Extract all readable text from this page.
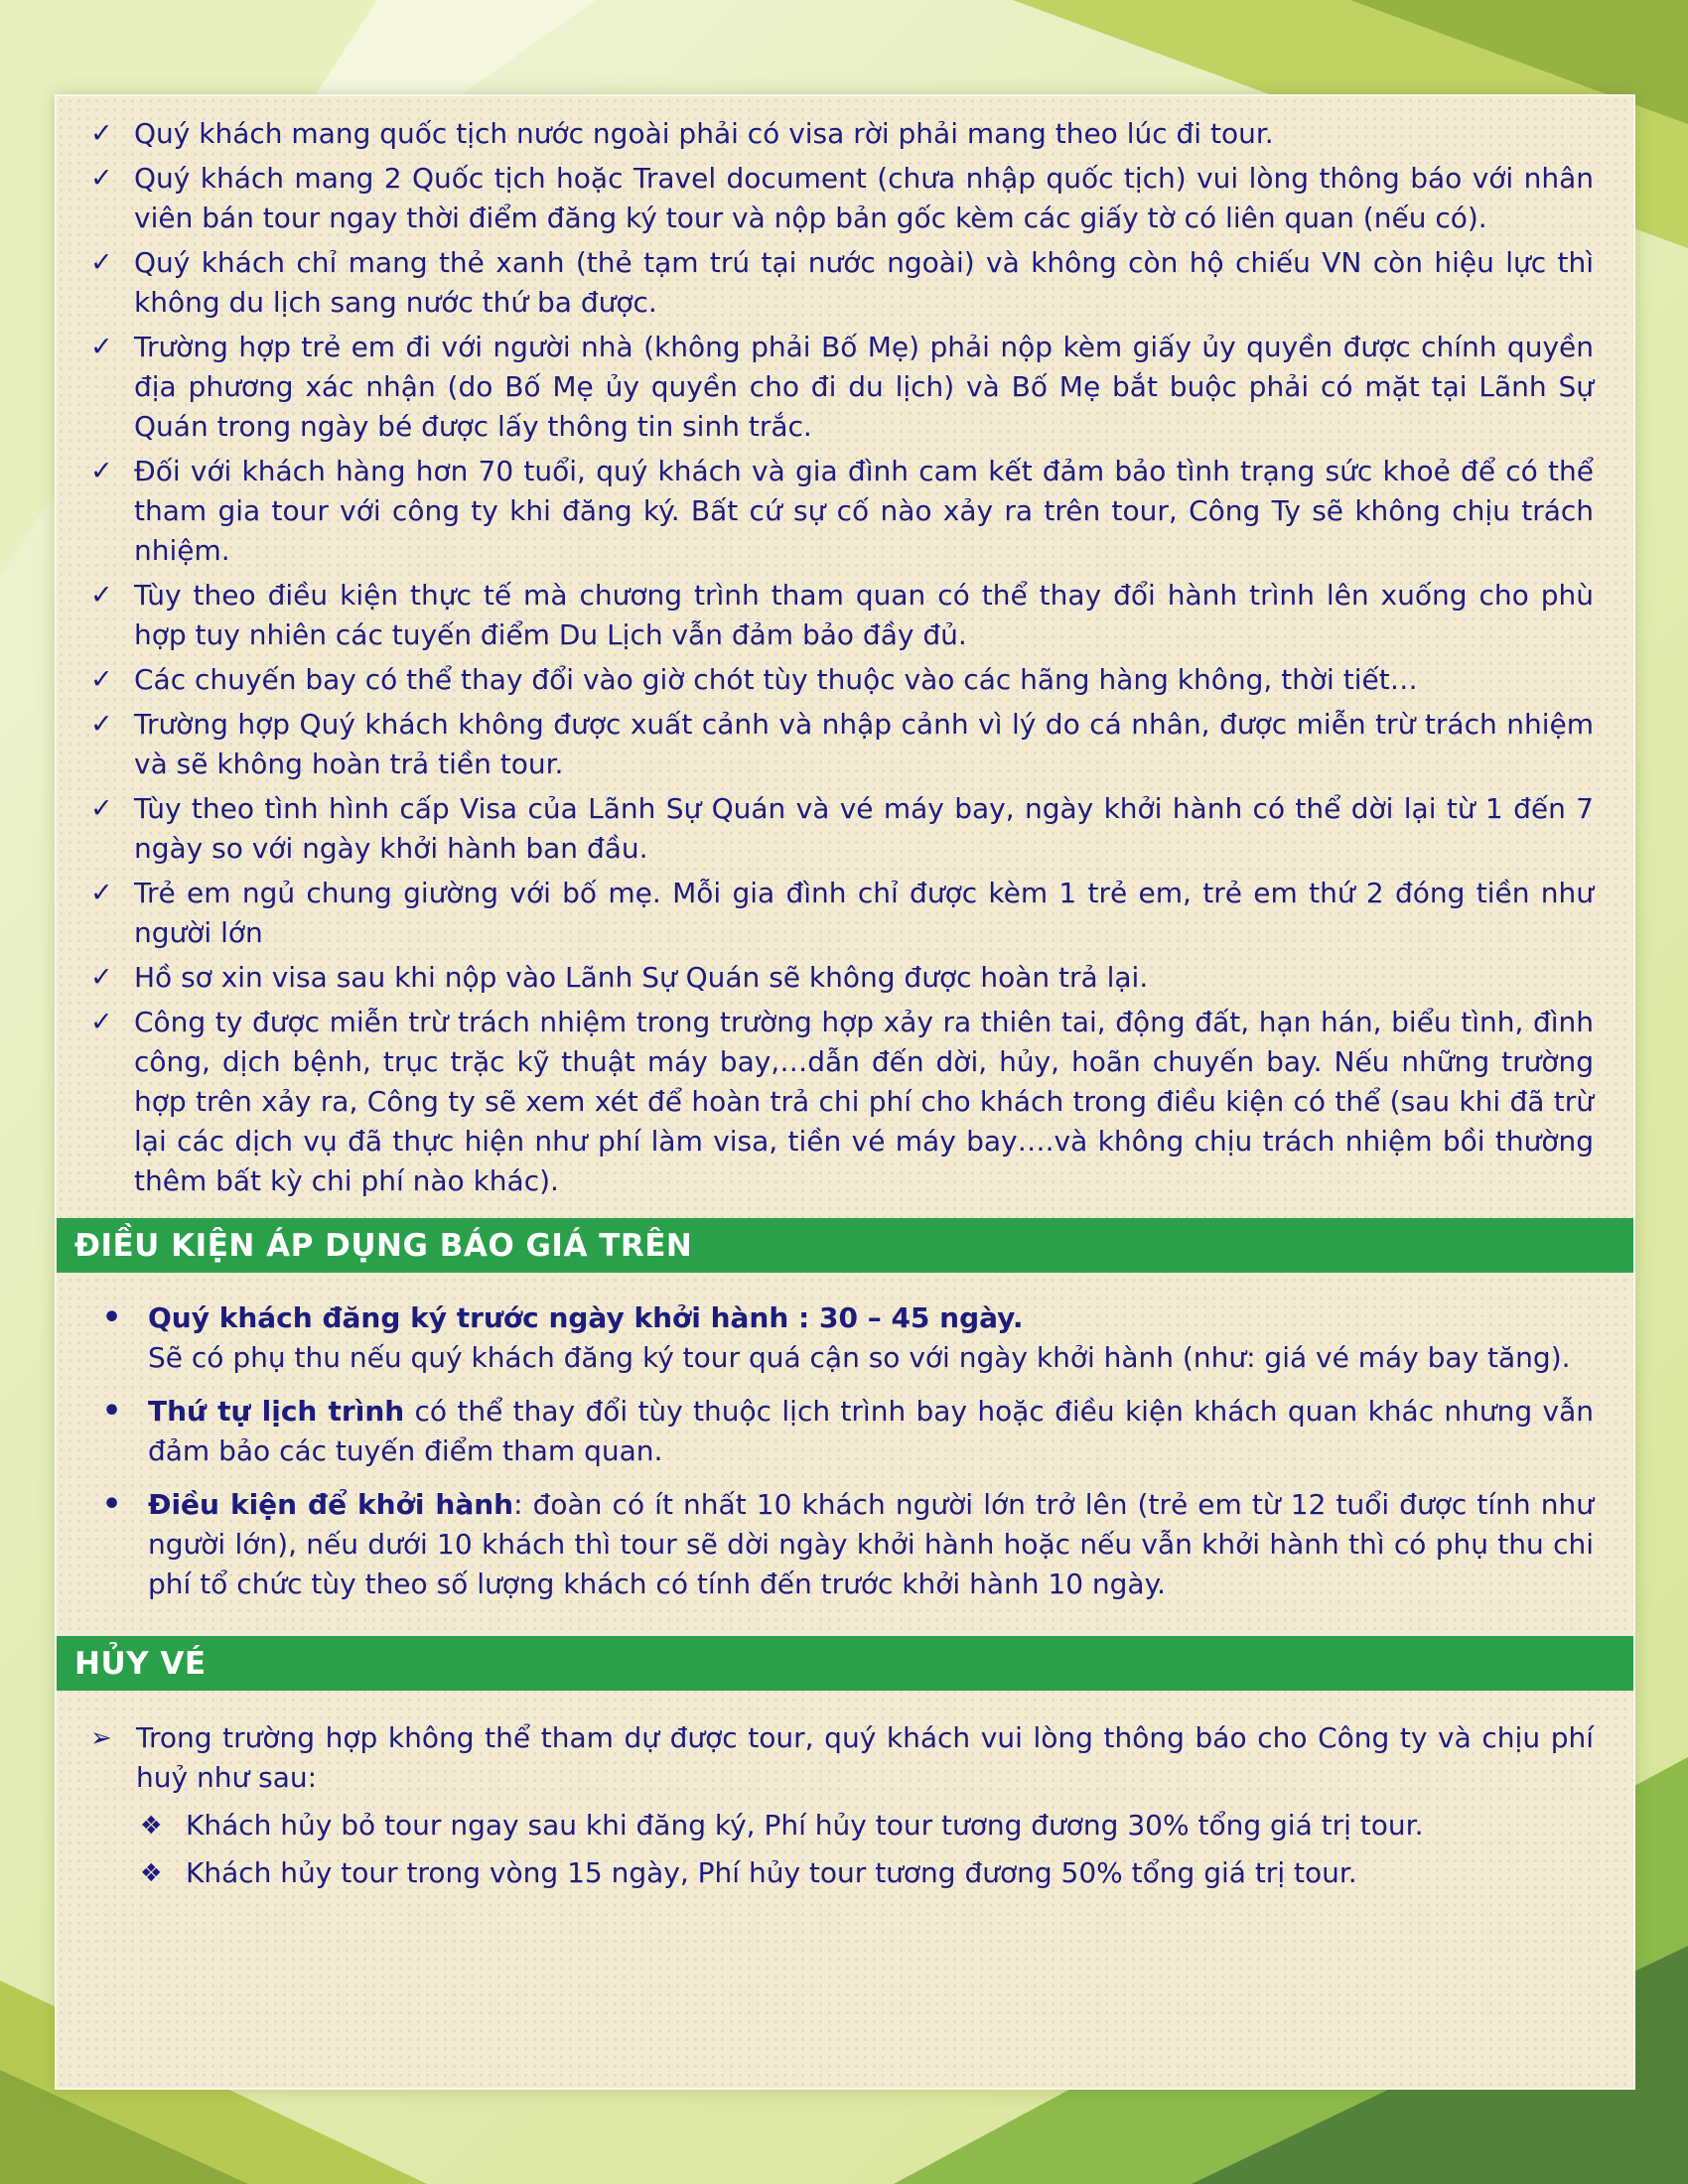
✓ Quý khách mang quốc tịch nước ngoài phải có visa rời phải mang theo lúc đi tour.
✓ Quý khách mang 2 Quốc tịch hoặc Travel document (chưa nhập quốc tịch) vui lòng thông báo với nhân viên bán tour ngay thời điểm đăng ký tour và nộp bản gốc kèm các giấy tờ có liên quan (nếu có).
✓ Quý khách chỉ mang thẻ xanh (thẻ tạm trú tại nước ngoài) và không còn hộ chiếu VN còn hiệu lực thì không du lịch sang nước thứ ba được.
✓ Trường hợp trẻ em đi với người nhà (không phải Bố Mẹ) phải nộp kèm giấy ủy quyền được chính quyền địa phương xác nhận (do Bố Mẹ ủy quyền cho đi du lịch) và Bố Mẹ bắt buộc phải có mặt tại Lãnh Sự Quán trong ngày bé được lấy thông tin sinh trắc.
✓ Đối với khách hàng hơn 70 tuổi, quý khách và gia đình cam kết đảm bảo tình trạng sức khoẻ để có thể tham gia tour với công ty khi đăng ký. Bất cứ sự cố nào xảy ra trên tour, Công Ty sẽ không chịu trách nhiệm.
✓ Tùy theo điều kiện thực tế mà chương trình tham quan có thể thay đổi hành trình lên xuống cho phù hợp tuy nhiên các tuyến điểm Du Lịch vẫn đảm bảo đầy đủ.
✓ Các chuyến bay có thể thay đổi vào giờ chót tùy thuộc vào các hãng hàng không, thời tiết…
✓ Trường hợp Quý khách không được xuất cảnh và nhập cảnh vì lý do cá nhân, được miễn trừ trách nhiệm và sẽ không hoàn trả tiền tour.
✓ Tùy theo tình hình cấp Visa của Lãnh Sự Quán và vé máy bay, ngày khởi hành có thể dời lại từ 1 đến 7 ngày so với ngày khởi hành ban đầu.
✓ Trẻ em ngủ chung giường với bố mẹ. Mỗi gia đình chỉ được kèm 1 trẻ em, trẻ em thứ 2 đóng tiền như người lớn
✓ Hồ sơ xin visa sau khi nộp vào Lãnh Sự Quán sẽ không được hoàn trả lại.
✓ Công ty được miễn trừ trách nhiệm trong trường hợp xảy ra thiên tai, động đất, hạn hán, biểu tình, đình công, dịch bệnh, trục trặc kỹ thuật máy bay,…dẫn đến dời, hủy, hoãn chuyến bay. Nếu những trường hợp trên xảy ra, Công ty sẽ xem xét để hoàn trả chi phí cho khách trong điều kiện có thể (sau khi đã trừ lại các dịch vụ đã thực hiện như phí làm visa, tiền vé máy bay….và không chịu trách nhiệm bồi thường thêm bất kỳ chi phí nào khác).
ĐIỀU KIỆN ÁP DỤNG BÁO GIÁ TRÊN
• Quý khách đăng ký trước ngày khởi hành : 30 – 45 ngày.
Sẽ có phụ thu nếu quý khách đăng ký tour quá cận so với ngày khởi hành (như: giá vé máy bay tăng).
• Thứ tự lịch trình có thể thay đổi tùy thuộc lịch trình bay hoặc điều kiện khách quan khác nhưng vẫn đảm bảo các tuyến điểm tham quan.
• Điều kiện để khởi hành: đoàn có ít nhất 10 khách người lớn trở lên (trẻ em từ 12 tuổi được tính như người lớn), nếu dưới 10 khách thì tour sẽ dời ngày khởi hành hoặc nếu vẫn khởi hành thì có phụ thu chi phí tổ chức tùy theo số lượng khách có tính đến trước khởi hành 10 ngày.
HỦY VÉ
➢ Trong trường hợp không thể tham dự được tour, quý khách vui lòng thông báo cho Công ty và chịu phí huỷ như sau:
❖ Khách hủy bỏ tour ngay sau khi đăng ký, Phí hủy tour tương đương 30% tổng giá trị tour.
❖ Khách hủy tour trong vòng 15 ngày, Phí hủy tour tương đương 50% tổng giá trị tour.
